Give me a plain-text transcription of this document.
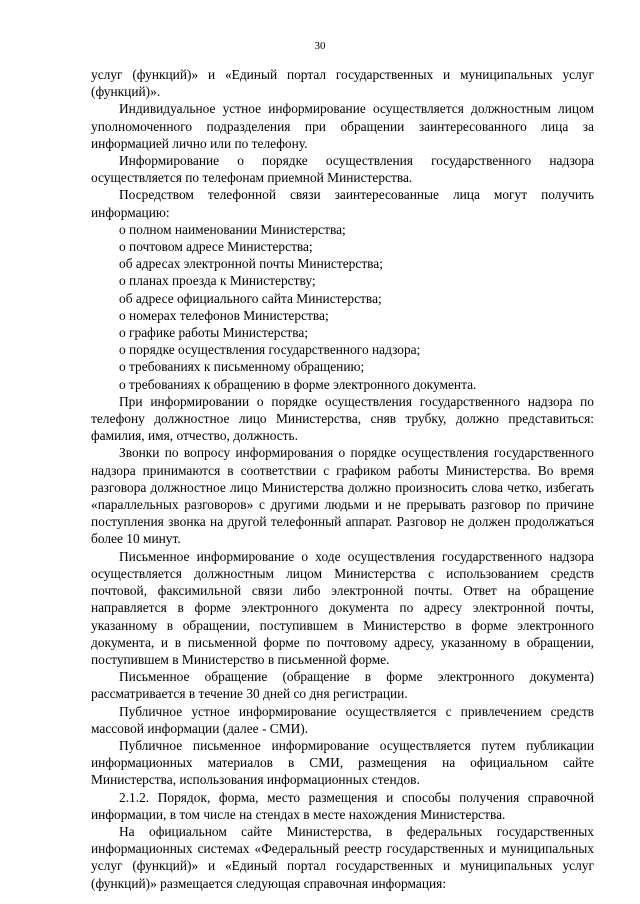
30

услуг (функций)» и «Единый портал государственных и муниципальных услуг (функций)».

Индивидуальное устное информирование осуществляется должностным лицом уполномоченного подразделения при обращении заинтересованного лица за информацией лично или по телефону.

Информирование о порядке осуществления государственного надзора осуществляется по телефонам приемной Министерства.

Посредством телефонной связи заинтересованные лица могут получить информацию:

о полном наименовании Министерства;
о почтовом адресе Министерства;
об адресах электронной почты Министерства;
о планах проезда к Министерству;
об адресе официального сайта Министерства;
о номерах телефонов Министерства;
о графике работы Министерства;
о порядке осуществления государственного надзора;
о требованиях к письменному обращению;
о требованиях к обращению в форме электронного документа.

При информировании о порядке осуществления государственного надзора по телефону должностное лицо Министерства, сняв трубку, должно представиться: фамилия, имя, отчество, должность.

Звонки по вопросу информирования о порядке осуществления государственного надзора принимаются в соответствии с графиком работы Министерства. Во время разговора должностное лицо Министерства должно произносить слова четко, избегать «параллельных разговоров» с другими людьми и не прерывать разговор по причине поступления звонка на другой телефонный аппарат. Разговор не должен продолжаться более 10 минут.

Письменное информирование о ходе осуществления государственного надзора осуществляется должностным лицом Министерства с использованием средств почтовой, факсимильной связи либо электронной почты. Ответ на обращение направляется в форме электронного документа по адресу электронной почты, указанному в обращении, поступившем в Министерство в форме электронного документа, и в письменной форме по почтовому адресу, указанному в обращении, поступившем в Министерство в письменной форме.

Письменное обращение (обращение в форме электронного документа) рассматривается в течение 30 дней со дня регистрации.

Публичное устное информирование осуществляется с привлечением средств массовой информации (далее - СМИ).

Публичное письменное информирование осуществляется путем публикации информационных материалов в СМИ, размещения на официальном сайте Министерства, использования информационных стендов.

2.1.2. Порядок, форма, место размещения и способы получения справочной информации, в том числе на стендах в месте нахождения Министерства.

На официальном сайте Министерства, в федеральных государственных информационных системах «Федеральный реестр государственных и муниципальных услуг (функций)» и «Единый портал государственных и муниципальных услуг (функций)» размещается следующая справочная информация:
